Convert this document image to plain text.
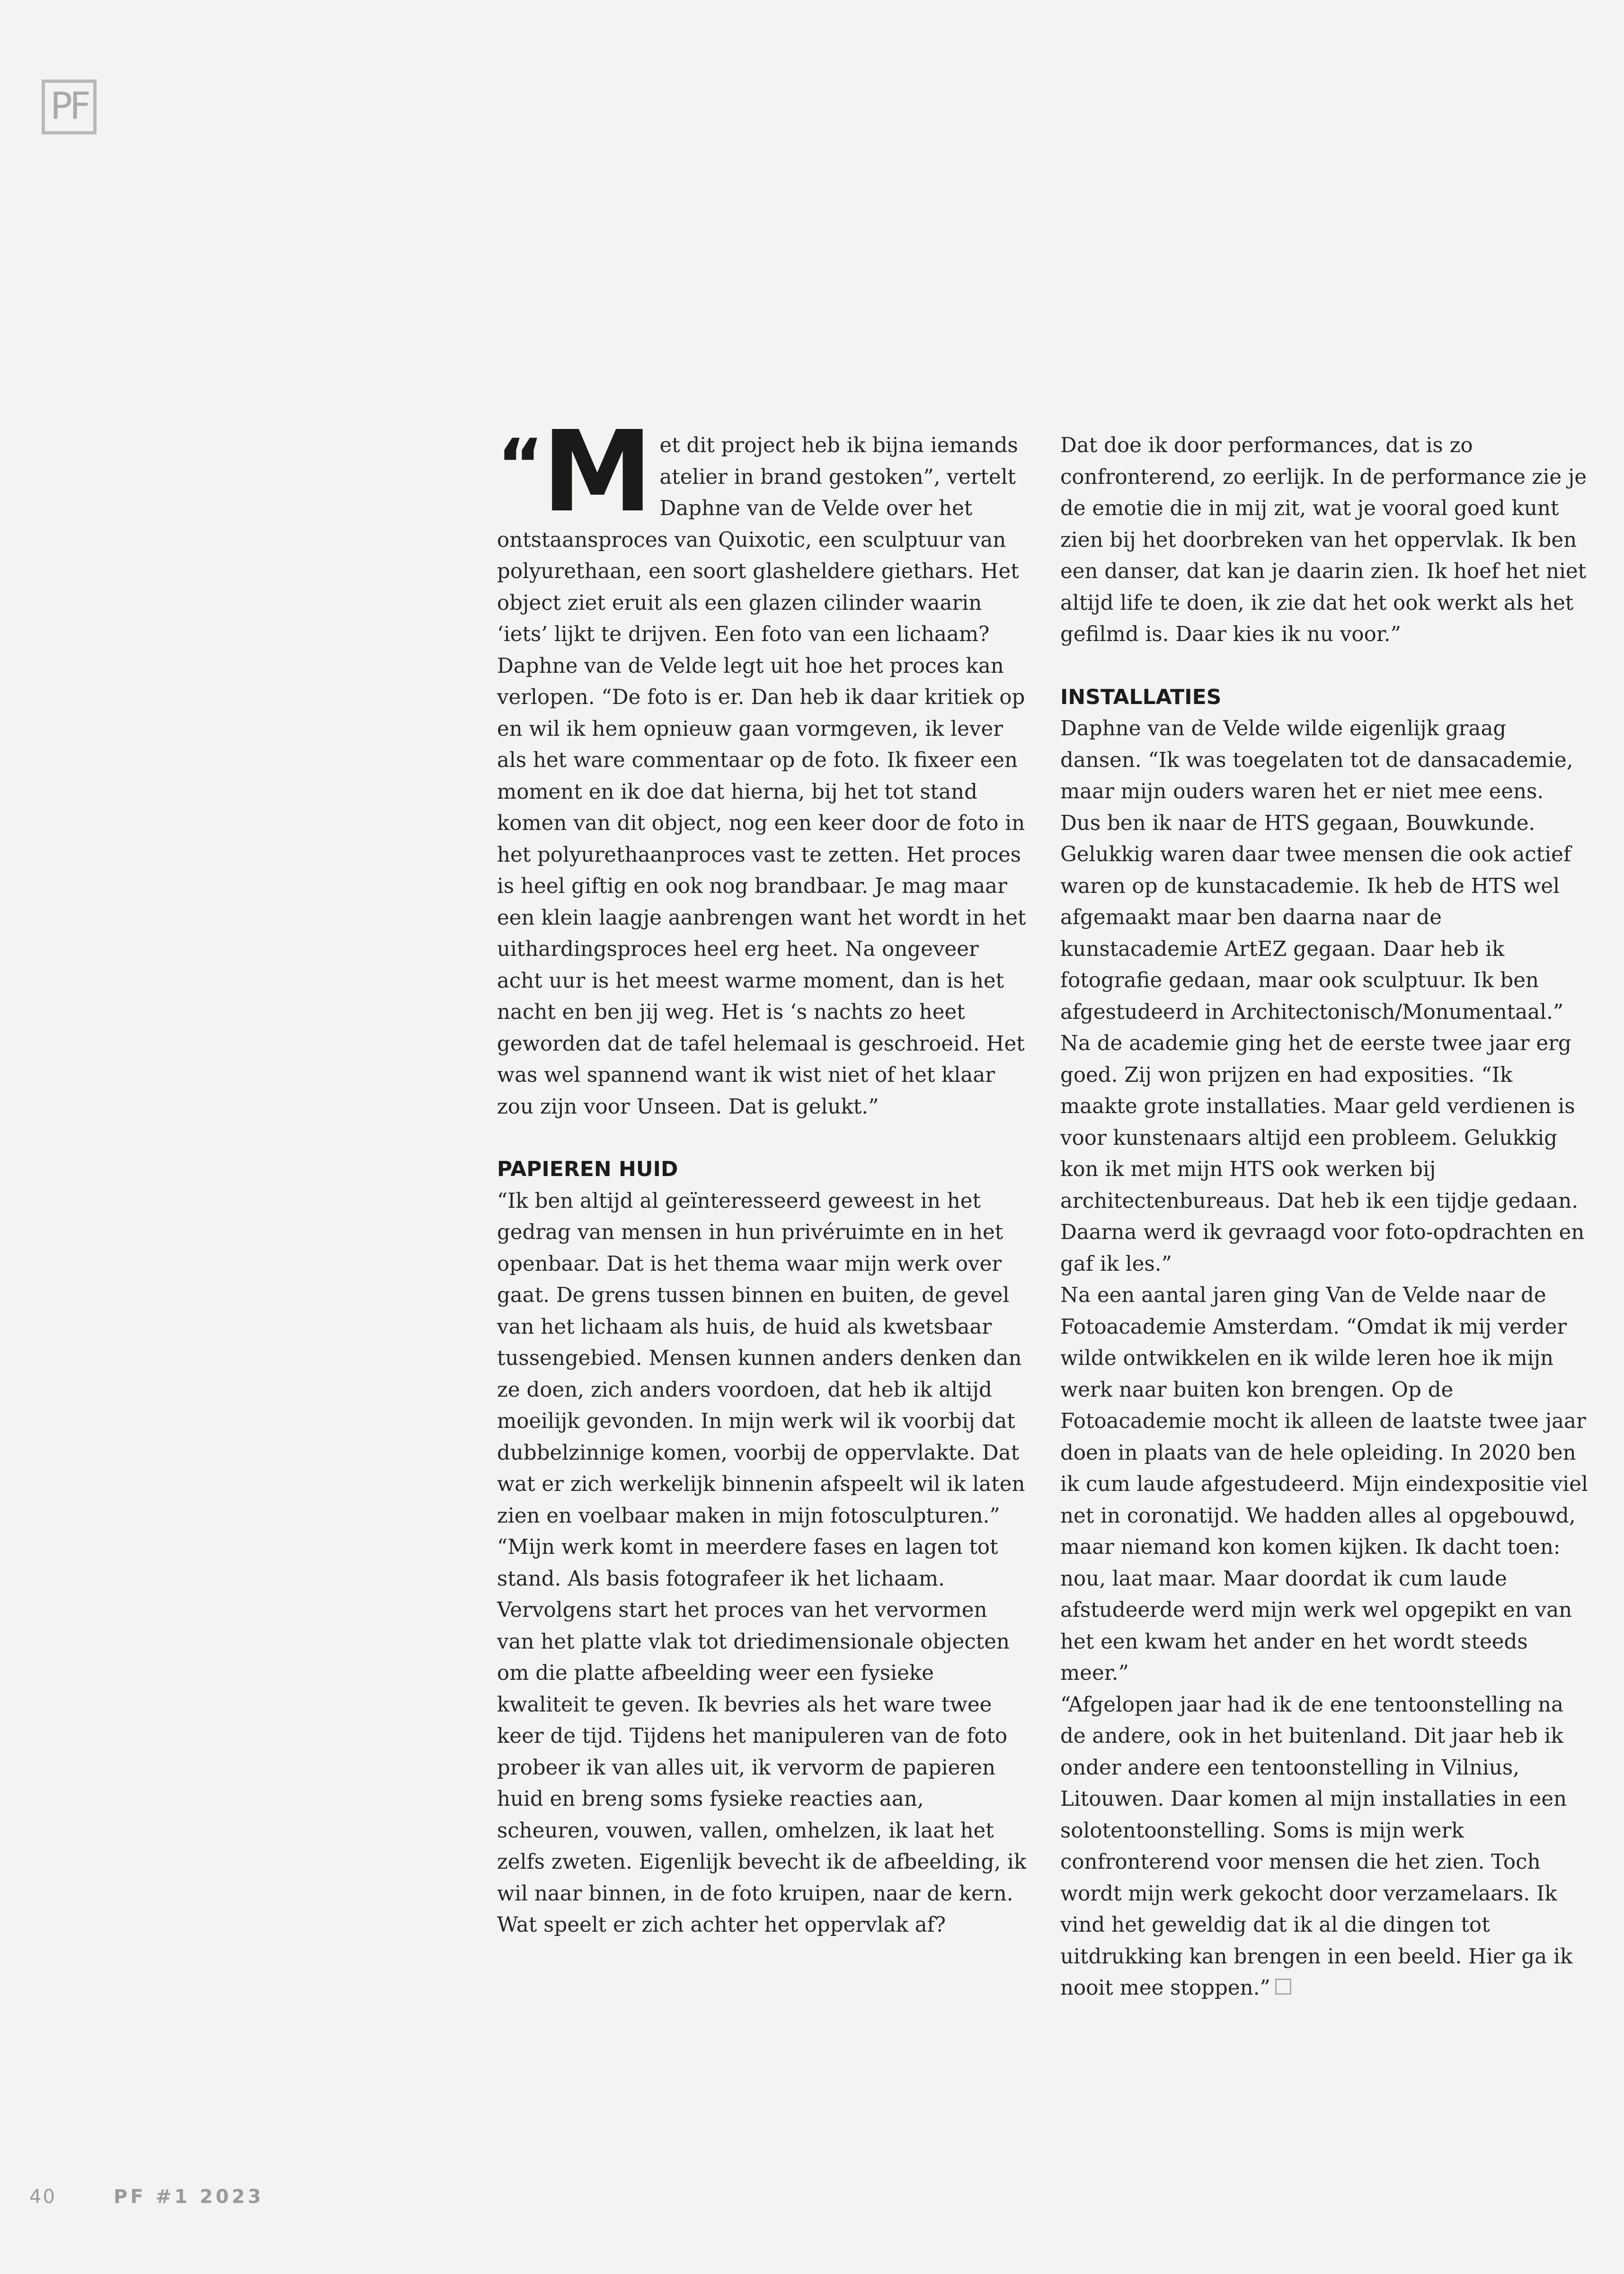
PF
“
M et dit project heb ik bijna iemands atelier in brand gestoken”, vertelt Daphne van de Velde over het ontstaansproces van Quixotic, een sculptuur van polyurethaan, een soort glasheldere giethars. Het object ziet eruit als een glazen cilinder waarin ‘iets’ lijkt te drijven. Een foto van een lichaam? Daphne van de Velde legt uit hoe het proces kan verlopen. “De foto is er. Dan heb ik daar kritiek op en wil ik hem opnieuw gaan vormgeven, ik lever als het ware commentaar op de foto. Ik fixeer een moment en ik doe dat hierna, bij het tot stand komen van dit object, nog een keer door de foto in het polyurethaanproces vast te zetten. Het proces is heel giftig en ook nog brandbaar. Je mag maar een klein laagje aanbrengen want het wordt in het uithardingsproces heel erg heet. Na ongeveer acht uur is het meest warme moment, dan is het nacht en ben jij weg. Het is ‘s nachts zo heet geworden dat de tafel helemaal is geschroeid. Het was wel spannend want ik wist niet of het klaar zou zijn voor Unseen. Dat is gelukt.”

PAPIEREN HUID

“Ik ben altijd al geïnteresseerd geweest in het gedrag van mensen in hun privéruimte en in het openbaar. Dat is het thema waar mijn werk over gaat. De grens tussen binnen en buiten, de gevel van het lichaam als huis, de huid als kwetsbaar tussengebied. Mensen kunnen anders denken dan ze doen, zich anders voordoen, dat heb ik altijd moeilijk gevonden. In mijn werk wil ik voorbij dat dubbelzinnige komen, voorbij de oppervlakte. Dat wat er zich werkelijk binnenin afspeelt wil ik laten zien en voelbaar maken in mijn fotosculpturen.”

“Mijn werk komt in meerdere fases en lagen tot stand. Als basis fotografeer ik het lichaam. Vervolgens start het proces van het vervormen van het platte vlak tot driedimensionale objecten om die platte afbeelding weer een fysieke kwaliteit te geven. Ik bevries als het ware twee keer de tijd. Tijdens het manipuleren van de foto probeer ik van alles uit, ik vervorm de papieren huid en breng soms fysieke reacties aan, scheuren, vouwen, vallen, omhelzen, ik laat het zelfs zweten. Eigenlijk bevecht ik de afbeelding, ik wil naar binnen, in de foto kruipen, naar de kern. Wat speelt er zich achter het oppervlak af?

Dat doe ik door performances, dat is zo confronterend, zo eerlijk. In de performance zie je de emotie die in mij zit, wat je vooral goed kunt zien bij het doorbreken van het oppervlak. Ik ben een danser, dat kan je daarin zien. Ik hoef het niet altijd life te doen, ik zie dat het ook werkt als het gefilmd is. Daar kies ik nu voor.”

INSTALLATIES

Daphne van de Velde wilde eigenlijk graag dansen. “Ik was toegelaten tot de dansacademie, maar mijn ouders waren het er niet mee eens. Dus ben ik naar de HTS gegaan, Bouwkunde. Gelukkig waren daar twee mensen die ook actief waren op de kunstacademie. Ik heb de HTS wel afgemaakt maar ben daarna naar de kunstacademie ArtEZ gegaan. Daar heb ik fotografie gedaan, maar ook sculptuur. Ik ben afgestudeerd in Architectonisch/Monumentaal.”

Na de academie ging het de eerste twee jaar erg goed. Zij won prijzen en had exposities. “Ik maakte grote installaties. Maar geld verdienen is voor kunstenaars altijd een probleem. Gelukkig kon ik met mijn HTS ook werken bij architectenbureaus. Dat heb ik een tijdje gedaan. Daarna werd ik gevraagd voor foto-opdrachten en gaf ik les.”

Na een aantal jaren ging Van de Velde naar de Fotoacademie Amsterdam. “Omdat ik mij verder wilde ontwikkelen en ik wilde leren hoe ik mijn werk naar buiten kon brengen. Op de Fotoacademie mocht ik alleen de laatste twee jaar doen in plaats van de hele opleiding. In 2020 ben ik cum laude afgestudeerd. Mijn eindexpositie viel net in coronatijd. We hadden alles al opgebouwd, maar niemand kon komen kijken. Ik dacht toen: nou, laat maar. Maar doordat ik cum laude afstudeerde werd mijn werk wel opgepikt en van het een kwam het ander en het wordt steeds meer.”

“Afgelopen jaar had ik de ene tentoonstelling na de andere, ook in het buitenland. Dit jaar heb ik onder andere een tentoonstelling in Vilnius, Litouwen. Daar komen al mijn installaties in een solotentoonstelling. Soms is mijn werk confronterend voor mensen die het zien. Toch wordt mijn werk gekocht door verzamelaars. Ik vind het geweldig dat ik al die dingen tot uitdrukking kan brengen in een beeld. Hier ga ik nooit mee stoppen.”

40	PF #1 2023
